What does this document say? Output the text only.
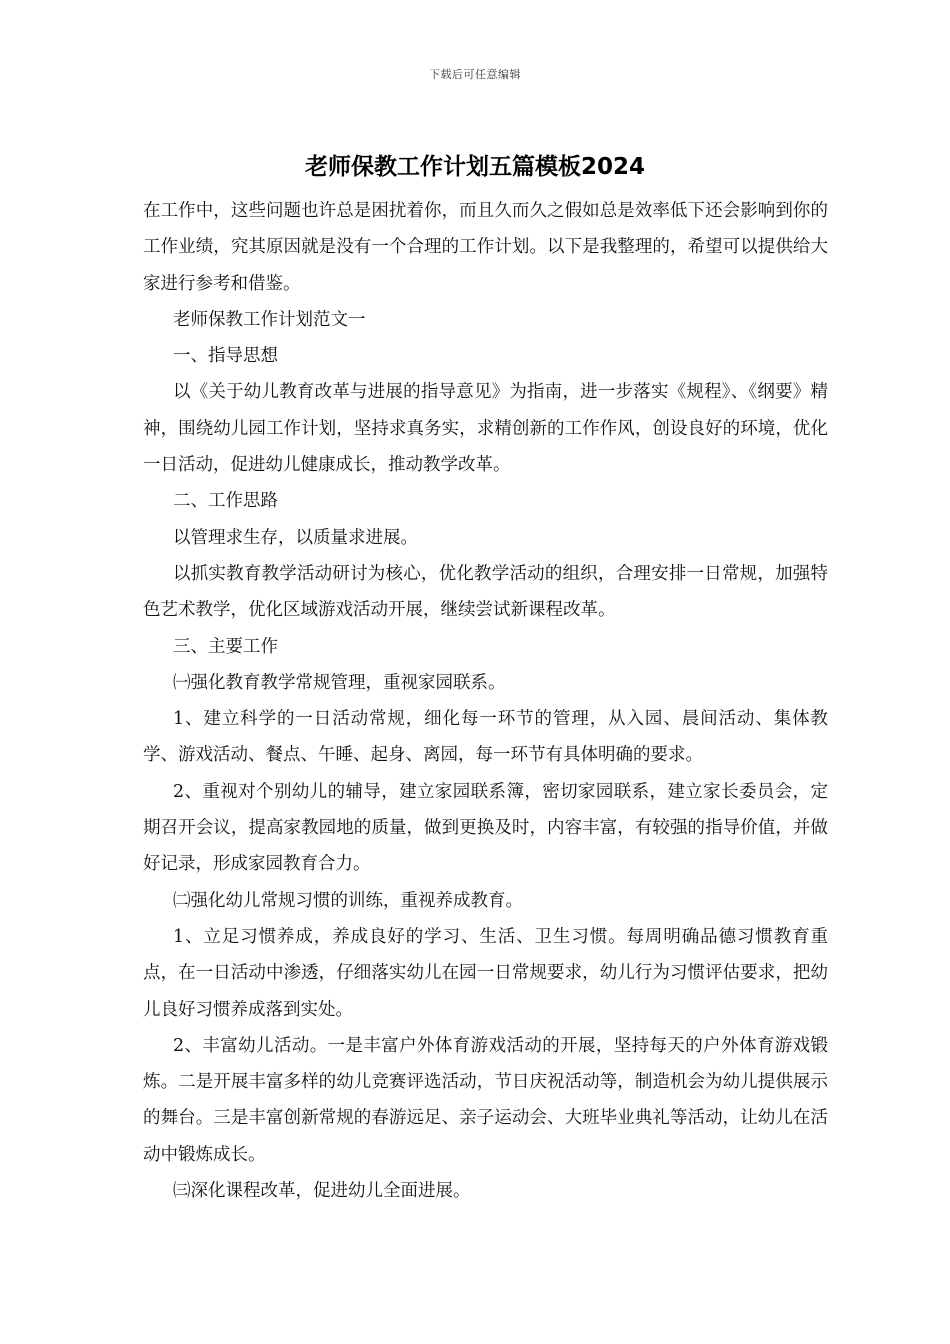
下载后可任意编辑
老师保教工作计划五篇模板2024

在工作中，这些问题也许总是困扰着你，而且久而久之假如总是效率低下还会影响到你的工作业绩，究其原因就是没有一个合理的工作计划。以下是我整理的，希望可以提供给大家进行参考和借鉴。

老师保教工作计划范文一

一、指导思想

以《关于幼儿教育改革与进展的指导意见》为指南，进一步落实《规程》、《纲要》精神，围绕幼儿园工作计划，坚持求真务实，求精创新的工作作风，创设良好的环境，优化一日活动，促进幼儿健康成长，推动教学改革。

二、工作思路

以管理求生存，以质量求进展。

以抓实教育教学活动研讨为核心，优化教学活动的组织，合理安排一日常规，加强特色艺术教学，优化区域游戏活动开展，继续尝试新课程改革。

三、主要工作

㈠强化教育教学常规管理，重视家园联系。

1、建立科学的一日活动常规，细化每一环节的管理，从入园、晨间活动、集体教学、游戏活动、餐点、午睡、起身、离园，每一环节有具体明确的要求。

2、重视对个别幼儿的辅导，建立家园联系簿，密切家园联系，建立家长委员会，定期召开会议，提高家教园地的质量，做到更换及时，内容丰富，有较强的指导价值，并做好记录，形成家园教育合力。

㈡强化幼儿常规习惯的训练，重视养成教育。

1、立足习惯养成，养成良好的学习、生活、卫生习惯。每周明确品德习惯教育重点，在一日活动中渗透，仔细落实幼儿在园一日常规要求，幼儿行为习惯评估要求，把幼儿良好习惯养成落到实处。

2、丰富幼儿活动。一是丰富户外体育游戏活动的开展，坚持每天的户外体育游戏锻炼。二是开展丰富多样的幼儿竞赛评选活动，节日庆祝活动等，制造机会为幼儿提供展示的舞台。三是丰富创新常规的春游远足、亲子运动会、大班毕业典礼等活动，让幼儿在活动中锻炼成长。

㈢深化课程改革，促进幼儿全面进展。
